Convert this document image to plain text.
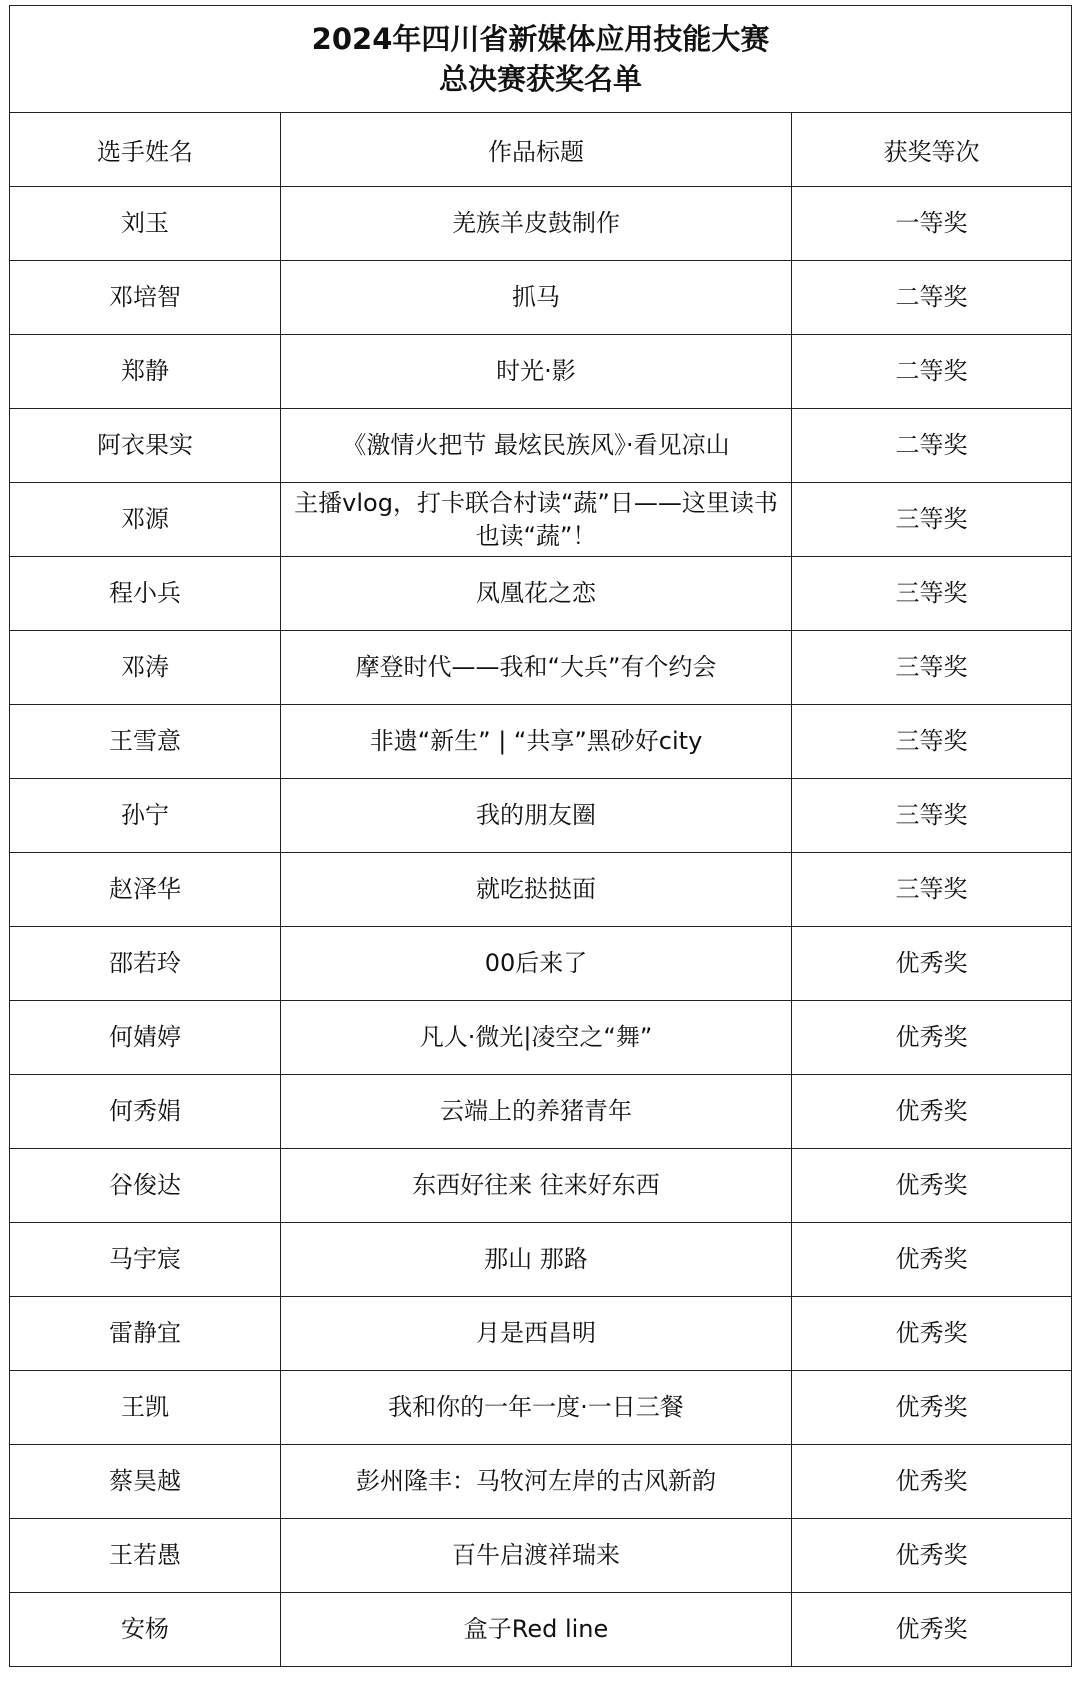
2024年四川省新媒体应用技能大赛
总决赛获奖名单		

选手姓名	作品标题	获奖等次
刘玉	羌族羊皮鼓制作	一等奖
邓培智	抓马	二等奖
郑静	时光·影	二等奖
阿衣果实	《激情火把节 最炫民族风》·看见凉山	二等奖
邓源	主播vlog，打卡联合村读“蔬”日——这里读书也读“蔬”！	三等奖
程小兵	凤凰花之恋	三等奖
邓涛	摩登时代——我和“大兵”有个约会	三等奖
王雪意	非遗“新生” | “共享”黑砂好city	三等奖
孙宁	我的朋友圈	三等奖
赵泽华	就吃挞挞面	三等奖
邵若玲	00后来了	优秀奖
何婧婷	凡人·微光|凌空之“舞”	优秀奖
何秀娟	云端上的养猪青年	优秀奖
谷俊达	东西好往来 往来好东西	优秀奖
马宇宸	那山 那路	优秀奖
雷静宜	月是西昌明	优秀奖
王凯	我和你的一年一度·一日三餐	优秀奖
蔡昊越	彭州隆丰：马牧河左岸的古风新韵	优秀奖
王若愚	百牛启渡祥瑞来	优秀奖
安杨	盒子Red line	优秀奖
